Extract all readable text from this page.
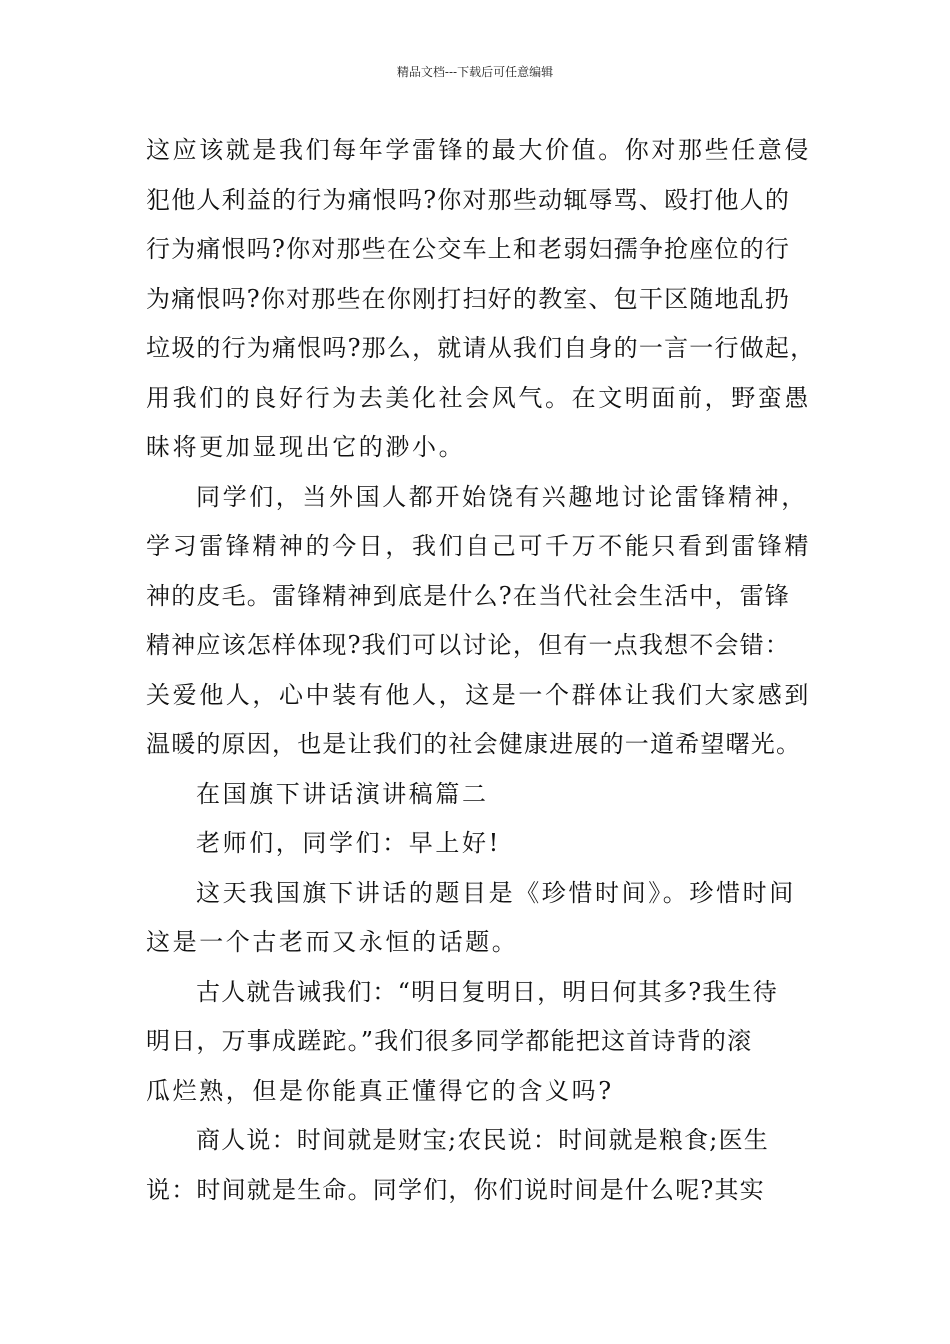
精品文档---下载后可任意编辑
这应该就是我们每年学雷锋的最大价值。你对那些任意侵
犯他人利益的行为痛恨吗?你对那些动辄辱骂、殴打他人的
行为痛恨吗?你对那些在公交车上和老弱妇孺争抢座位的行
为痛恨吗?你对那些在你刚打扫好的教室、包干区随地乱扔
垃圾的行为痛恨吗?那么，就请从我们自身的一言一行做起，
用我们的良好行为去美化社会风气。在文明面前，野蛮愚
昧将更加显现出它的渺小。
同学们，当外国人都开始饶有兴趣地讨论雷锋精神，
学习雷锋精神的今日，我们自己可千万不能只看到雷锋精
神的皮毛。雷锋精神到底是什么?在当代社会生活中，雷锋
精神应该怎样体现?我们可以讨论，但有一点我想不会错：
关爱他人，心中装有他人，这是一个群体让我们大家感到
温暖的原因，也是让我们的社会健康进展的一道希望曙光。
在国旗下讲话演讲稿篇二
老师们，同学们：早上好!
这天我国旗下讲话的题目是《珍惜时间》。珍惜时间
这是一个古老而又永恒的话题。
古人就告诫我们：“明日复明日，明日何其多?我生待
明日，万事成蹉跎。”我们很多同学都能把这首诗背的滚
瓜烂熟，但是你能真正懂得它的含义吗?
商人说：时间就是财宝;农民说：时间就是粮食;医生
说：时间就是生命。同学们，你们说时间是什么呢?其实
